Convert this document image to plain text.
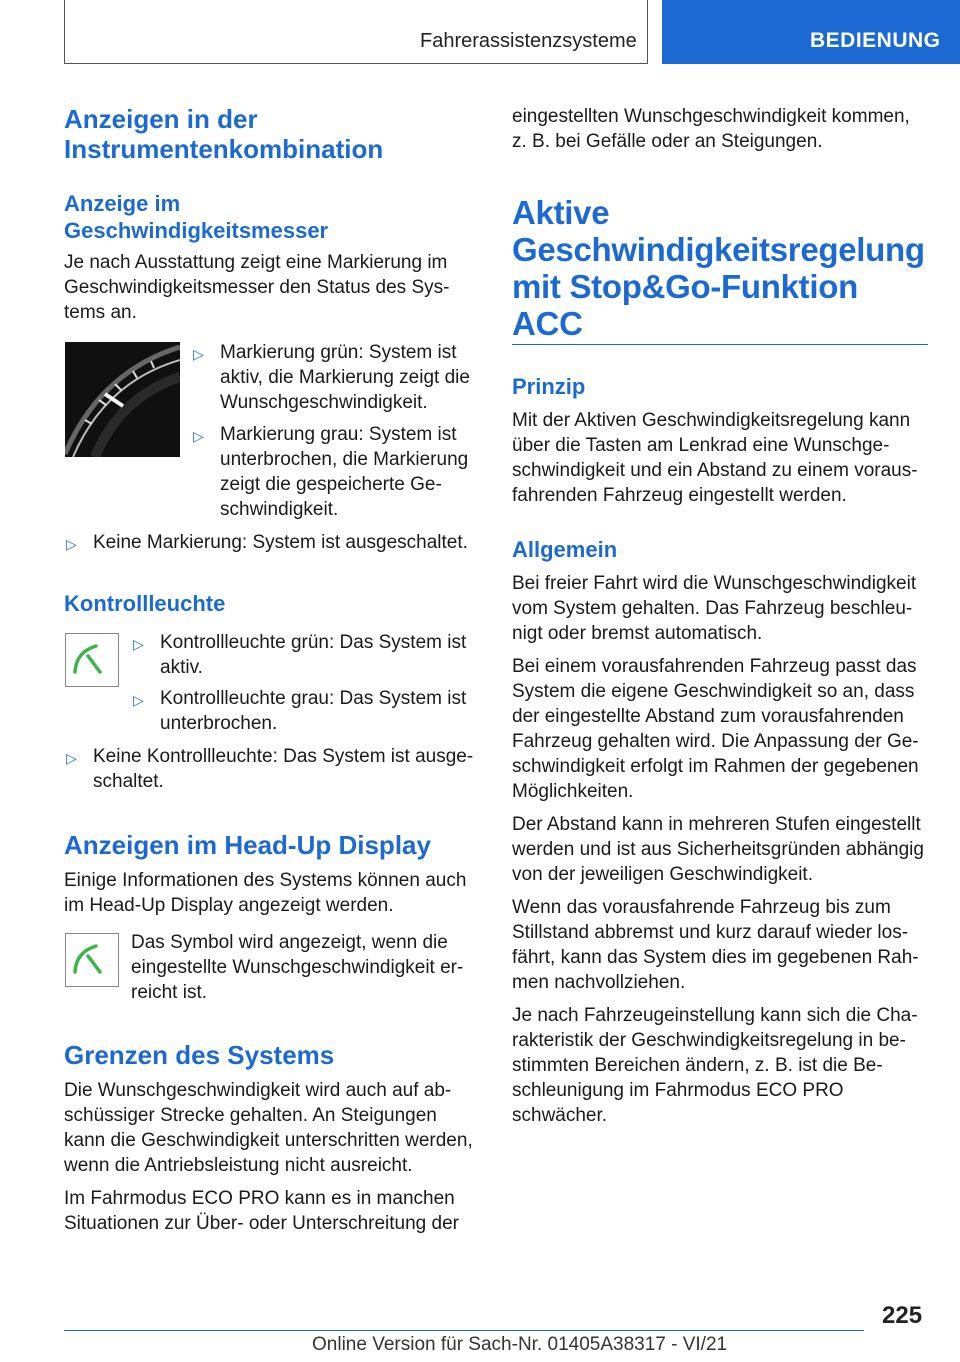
Fahrerassistenzsysteme	BEDIENUNG
Anzeigen in der
Instrumentenkombination
Anzeige im
Geschwindigkeitsmesser

Je nach Ausstattung zeigt eine Markierung im
Geschwindigkeitsmesser den Status des Sys-
tems an.

▷ Markierung grün: System ist
aktiv, die Markierung zeigt die
Wunschgeschwindigkeit.

▷ Markierung grau: System ist
unterbrochen, die Markierung
zeigt die gespeicherte Ge-
schwindigkeit.

▷ Keine Markierung: System ist ausgeschaltet.

Kontrollleuchte
▷ Kontrollleuchte grün: Das System ist
aktiv.

▷ Kontrollleuchte grau: Das System ist
unterbrochen.

▷ Keine Kontrollleuchte: Das System ist ausge-
schaltet.

Anzeigen im Head-Up Display

Einige Informationen des Systems können auch
im Head-Up Display angezeigt werden.

Das Symbol wird angezeigt, wenn die
eingestellte Wunschgeschwindigkeit er-
reicht ist.

Grenzen des Systems

Die Wunschgeschwindigkeit wird auch auf ab-
schüssiger Strecke gehalten. An Steigungen
kann die Geschwindigkeit unterschritten werden,
wenn die Antriebsleistung nicht ausreicht.

Im Fahrmodus ECO PRO kann es in manchen
Situationen zur Über- oder Unterschreitung der

eingestellten Wunschgeschwindigkeit kommen,
z. B. bei Gefälle oder an Steigungen.

Aktive
Geschwindigkeitsregelung
mit Stop&Go-Funktion
ACC
Prinzip

Mit der Aktiven Geschwindigkeitsregelung kann
über die Tasten am Lenkrad eine Wunschge-
schwindigkeit und ein Abstand zu einem voraus-
fahrenden Fahrzeug eingestellt werden.

Allgemein

Bei freier Fahrt wird die Wunschgeschwindigkeit
vom System gehalten. Das Fahrzeug beschleu-
nigt oder bremst automatisch.

Bei einem vorausfahrenden Fahrzeug passt das
System die eigene Geschwindigkeit so an, dass
der eingestellte Abstand zum vorausfahrenden
Fahrzeug gehalten wird. Die Anpassung der Ge-
schwindigkeit erfolgt im Rahmen der gegebenen
Möglichkeiten.

Der Abstand kann in mehreren Stufen eingestellt
werden und ist aus Sicherheitsgründen abhängig
von der jeweiligen Geschwindigkeit.

Wenn das vorausfahrende Fahrzeug bis zum
Stillstand abbremst und kurz darauf wieder los-
fährt, kann das System dies im gegebenen Rah-
men nachvollziehen.

Je nach Fahrzeugeinstellung kann sich die Cha-
rakteristik der Geschwindigkeitsregelung in be-
stimmten Bereichen ändern, z. B. ist die Be-
schleunigung im Fahrmodus ECO PRO
schwächer.

225
Online Version für Sach-Nr. 01405A38317 - VI/21
